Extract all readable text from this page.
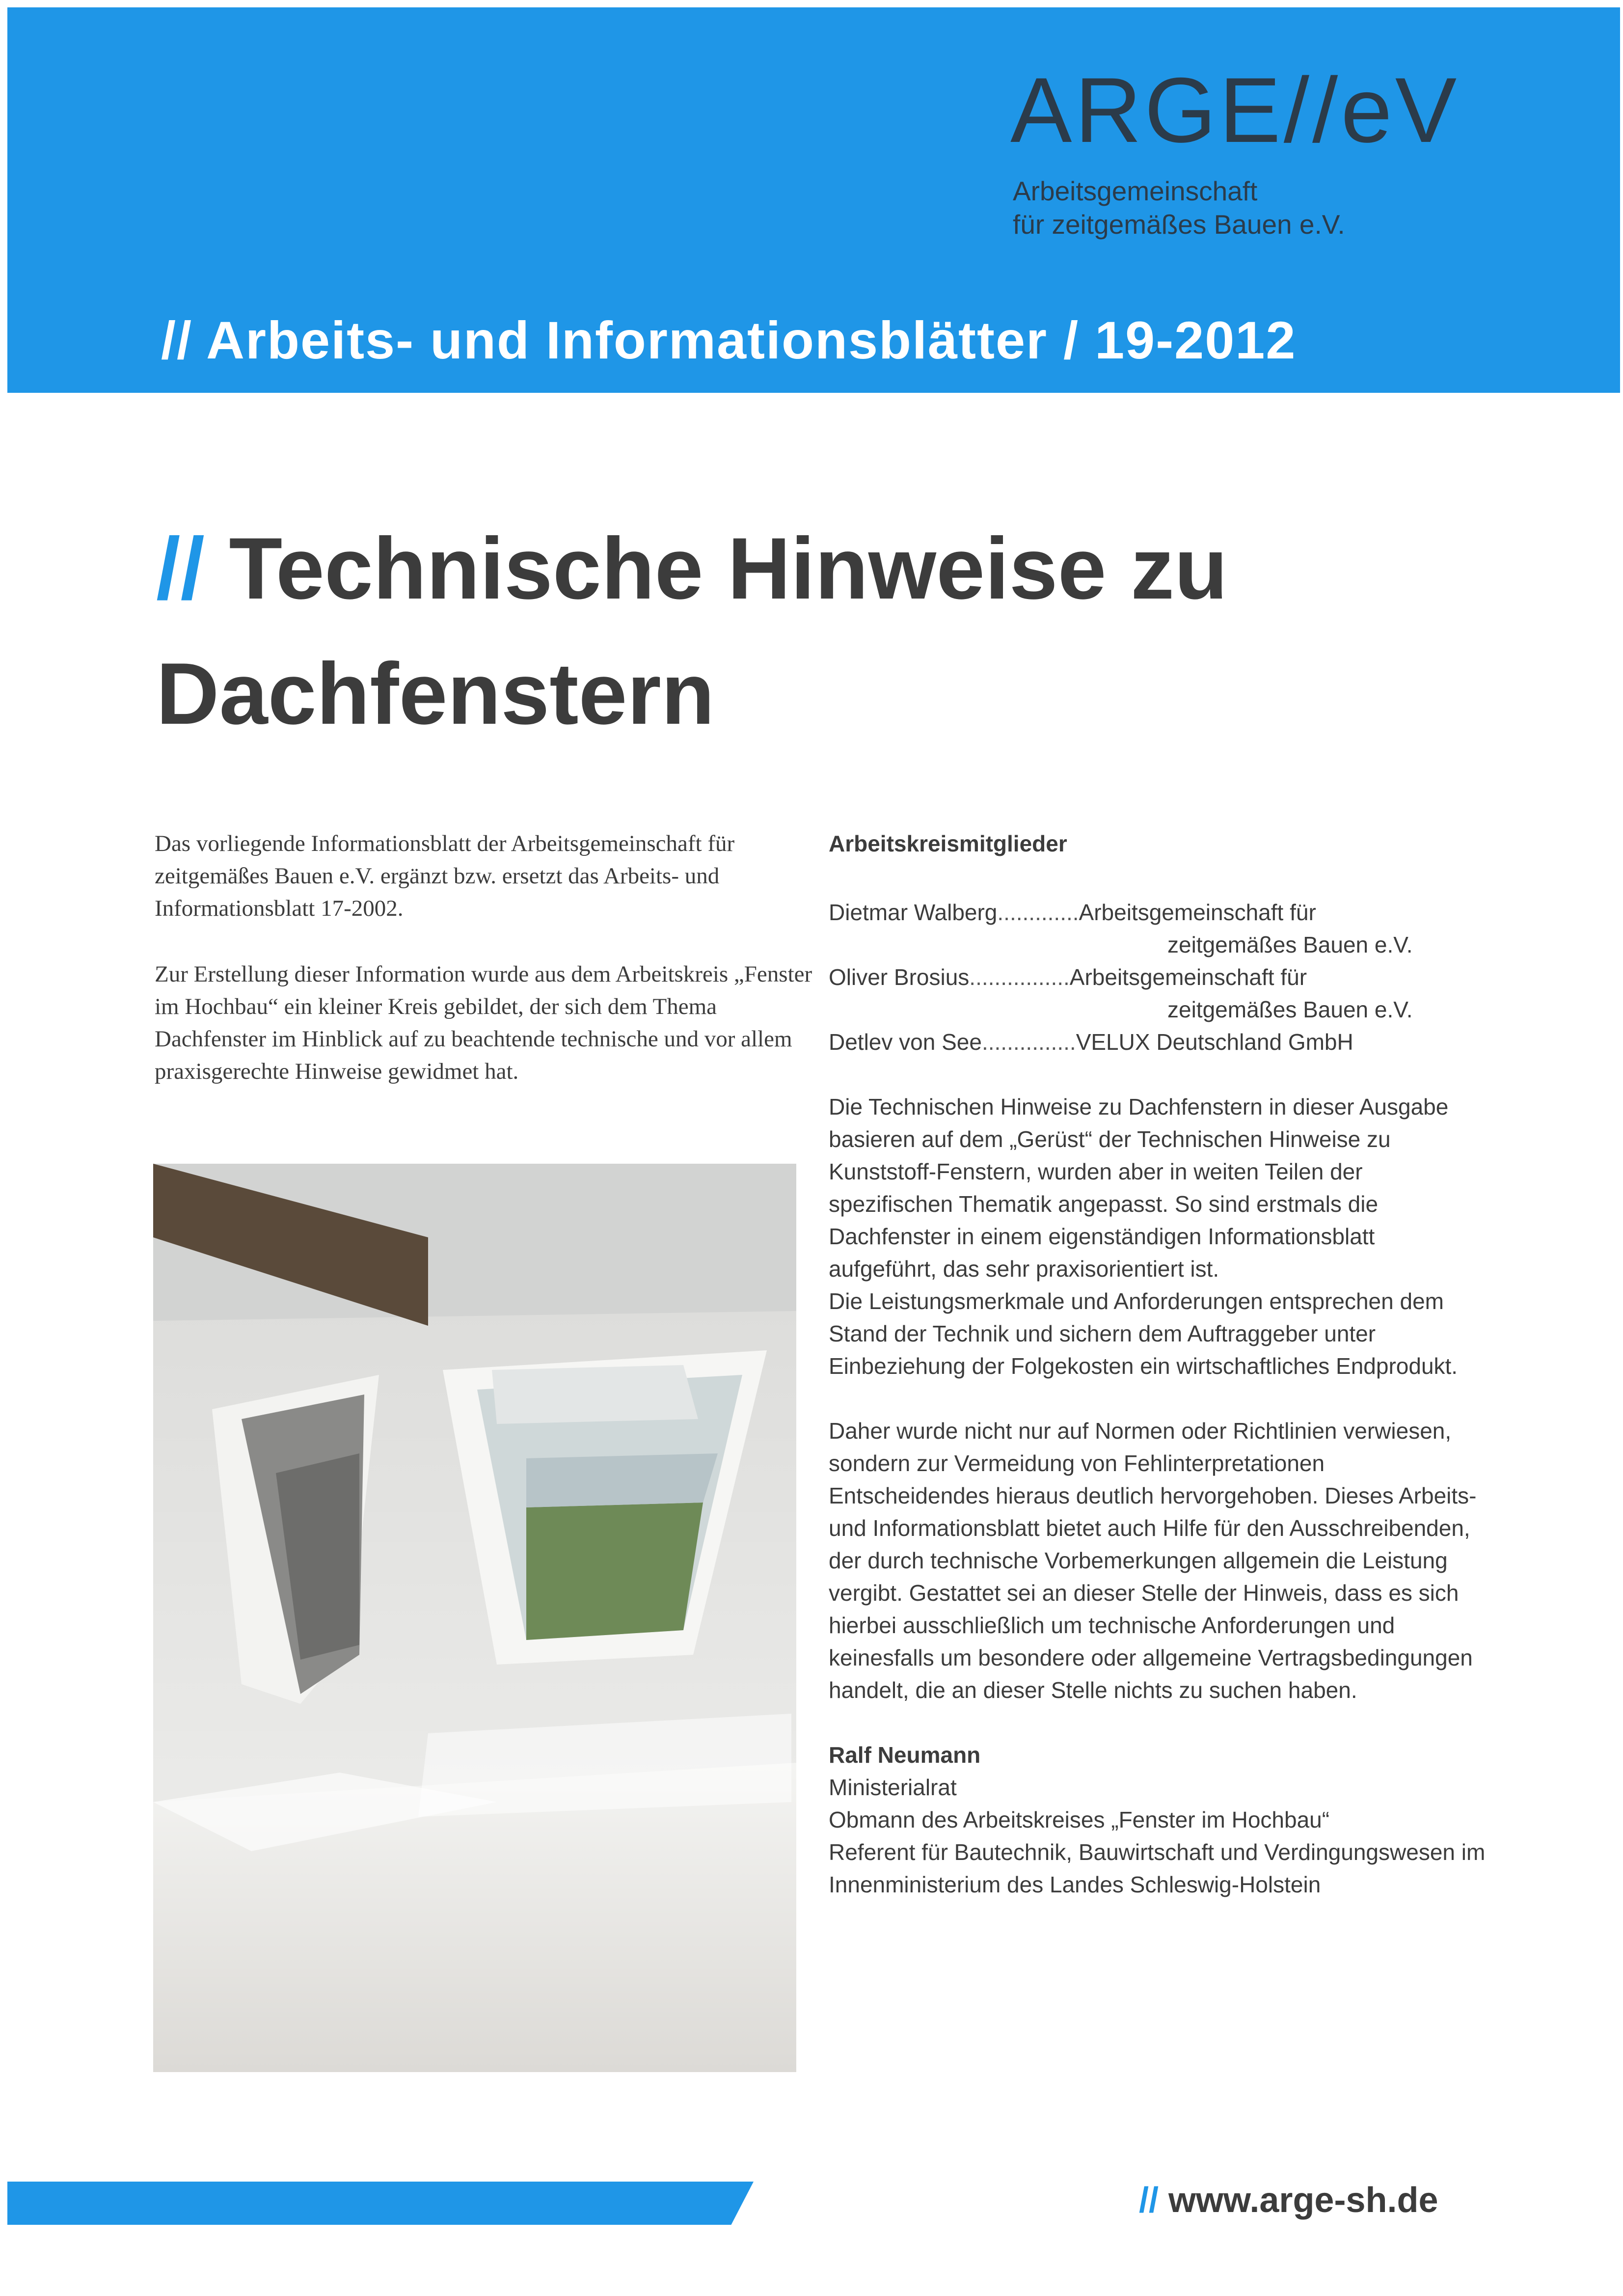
ARGE//eV
Arbeitsgemeinschaft
für zeitgemäßes Bauen e.V.
// Arbeits- und Informationsblätter / 19-2012
// Technische Hinweise zu
Dachfenstern

Das vorliegende Informationsblatt der Arbeitsgemeinschaft für zeitgemäßes Bauen e.V. ergänzt bzw. ersetzt das Arbeits- und Informationsblatt 17-2002.

Zur Erstellung dieser Information wurde aus dem Arbeitskreis „Fenster im Hochbau“ ein kleiner Kreis gebildet, der sich dem Thema Dachfenster im Hinblick auf zu beachtende technische und vor allem praxisgerechte Hinweise gewidmet hat.

Arbeitskreismitglieder
Dietmar Walberg ............. Arbeitsgemeinschaft für
zeitgemäßes Bauen e.V.
Oliver Brosius ................ Arbeitsgemeinschaft für
zeitgemäßes Bauen e.V.
Detlev von See ............... VELUX Deutschland GmbH

Die Technischen Hinweise zu Dachfenstern in dieser Ausgabe basieren auf dem „Gerüst“ der Technischen Hinweise zu Kunststoff-Fenstern, wurden aber in weiten Teilen der spezifischen Thematik angepasst. So sind erstmals die Dachfenster in einem eigenständigen Informationsblatt aufgeführt, das sehr praxisorientiert ist.

Die Leistungsmerkmale und Anforderungen entsprechen dem Stand der Technik und sichern dem Auftraggeber unter Einbeziehung der Folgekosten ein wirtschaftliches Endprodukt.

Daher wurde nicht nur auf Normen oder Richtlinien verwiesen, sondern zur Vermeidung von Fehlinterpretationen Entscheidendes hieraus deutlich hervorgehoben. Dieses Arbeits- und Informationsblatt bietet auch Hilfe für den Ausschreibenden, der durch technische Vorbemerkungen allgemein die Leistung vergibt. Gestattet sei an dieser Stelle der Hinweis, dass es sich hierbei ausschließlich um technische Anforderungen und keinesfalls um besondere oder allgemeine Vertragsbedingungen handelt, die an dieser Stelle nichts zu suchen haben.

Ralf Neumann

Ministerialrat

Obmann des Arbeitskreises „Fenster im Hochbau“

Referent für Bautechnik, Bauwirtschaft und Verdingungswesen im Innenministerium des Landes Schleswig-Holstein

// www.arge-sh.de
